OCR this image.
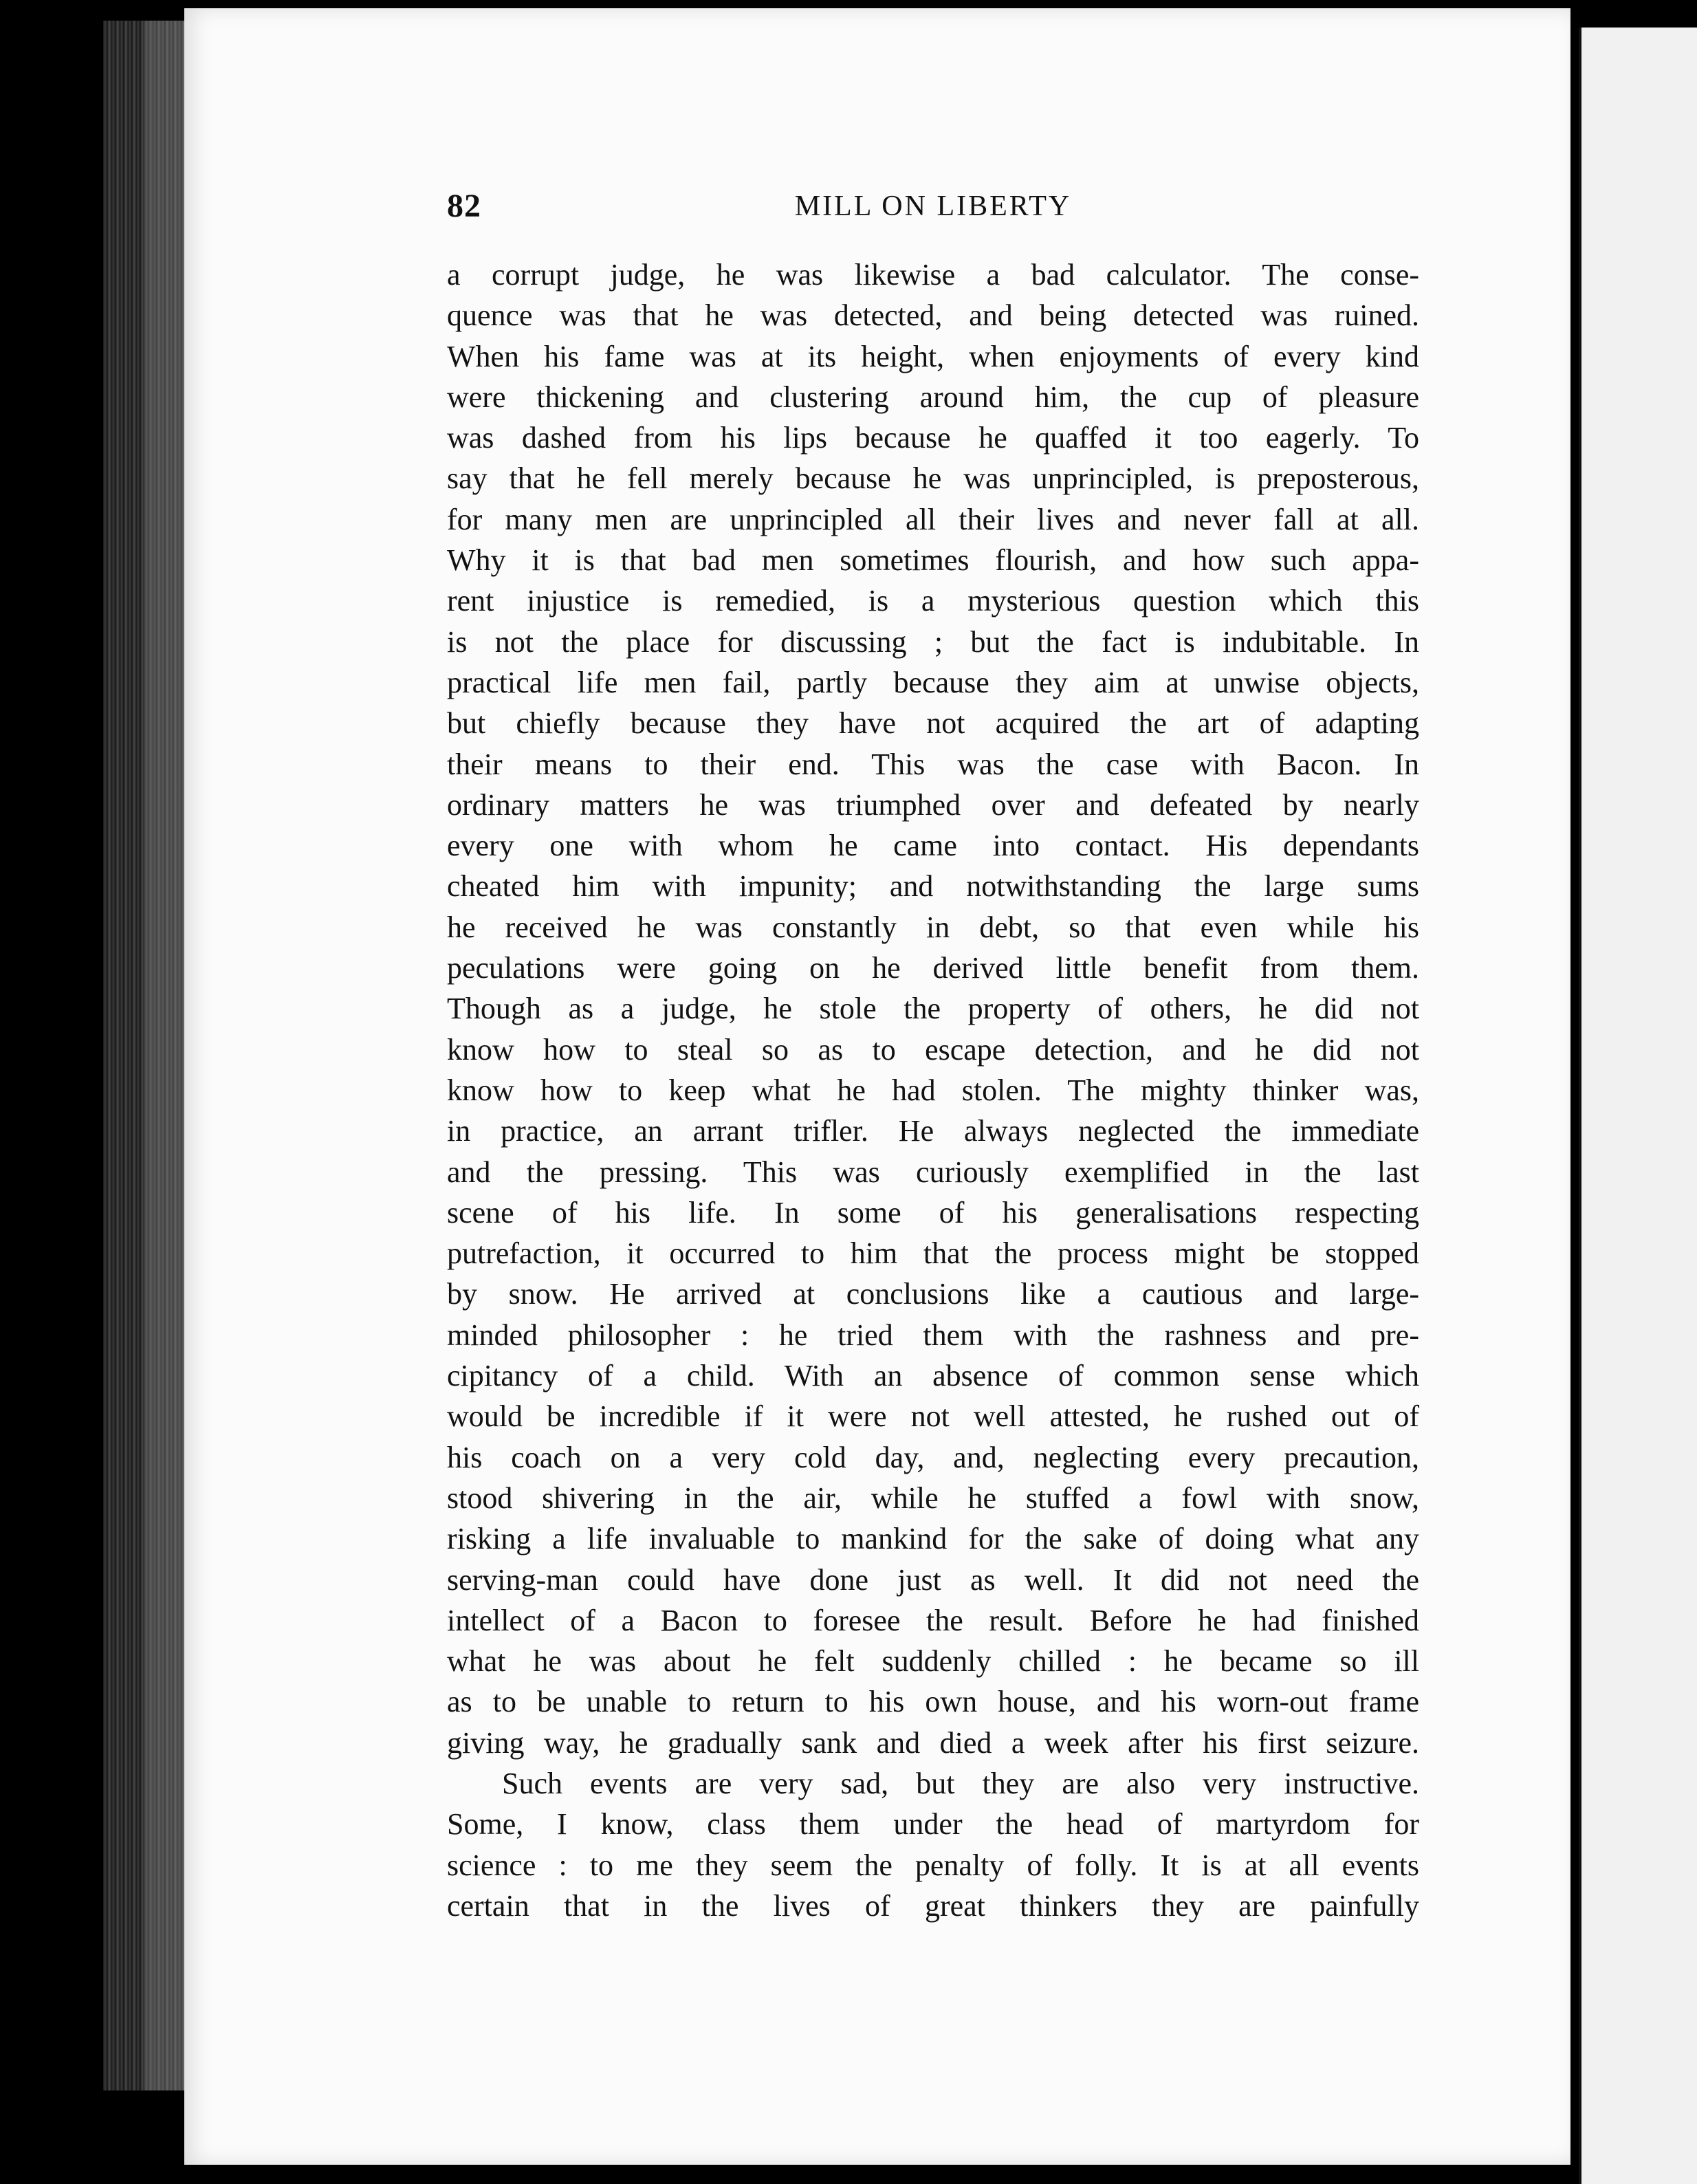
82	MILL ON LIBERTY
a corrupt judge, he was likewise a bad calculator. The conse-
quence was that he was detected, and being detected was ruined.
When his fame was at its height, when enjoyments of every kind
were thickening and clustering around him, the cup of pleasure
was dashed from his lips because he quaffed it too eagerly. To
say that he fell merely because he was unprincipled, is preposterous,
for many men are unprincipled all their lives and never fall at all.
Why it is that bad men sometimes flourish, and how such appa-
rent injustice is remedied, is a mysterious question which this
is not the place for discussing ; but the fact is indubitable. In
practical life men fail, partly because they aim at unwise objects,
but chiefly because they have not acquired the art of adapting
their means to their end. This was the case with Bacon. In
ordinary matters he was triumphed over and defeated by nearly
every one with whom he came into contact. His dependants
cheated him with impunity; and notwithstanding the large sums
he received he was constantly in debt, so that even while his
peculations were going on he derived little benefit from them.
Though as a judge, he stole the property of others, he did not
know how to steal so as to escape detection, and he did not
know how to keep what he had stolen. The mighty thinker was,
in practice, an arrant trifler. He always neglected the immediate
and the pressing. This was curiously exemplified in the last
scene of his life. In some of his generalisations respecting
putrefaction, it occurred to him that the process might be stopped
by snow. He arrived at conclusions like a cautious and large-
minded philosopher : he tried them with the rashness and pre-
cipitancy of a child. With an absence of common sense which
would be incredible if it were not well attested, he rushed out of
his coach on a very cold day, and, neglecting every precaution,
stood shivering in the air, while he stuffed a fowl with snow,
risking a life invaluable to mankind for the sake of doing what any
serving-man could have done just as well. It did not need the
intellect of a Bacon to foresee the result. Before he had finished
what he was about he felt suddenly chilled : he became so ill
as to be unable to return to his own house, and his worn-out frame
giving way, he gradually sank and died a week after his first seizure.
Such events are very sad, but they are also very instructive.
Some, I know, class them under the head of martyrdom for
science : to me they seem the penalty of folly. It is at all events
certain that in the lives of great thinkers they are painfully
